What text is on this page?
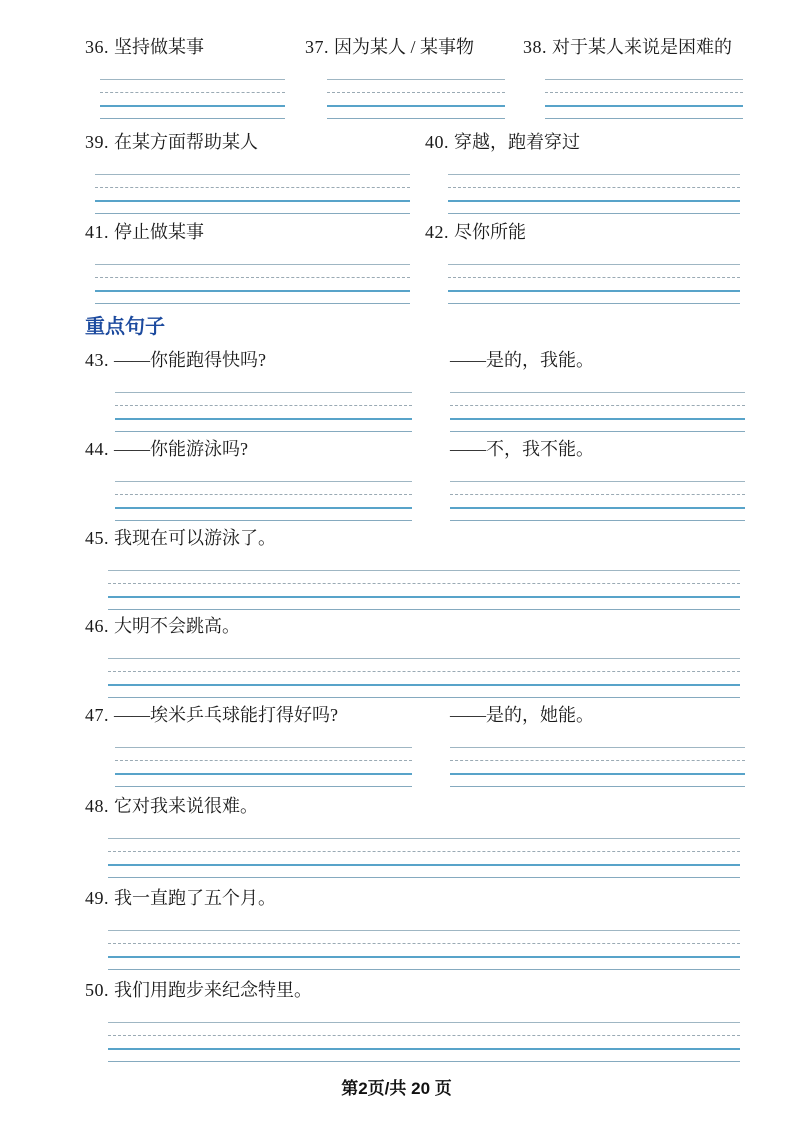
36. 坚持做某事	37. 因为某人 / 某事物	38. 对于某人来说是困难的
39. 在某方面帮助某人	40. 穿越，跑着穿过
41. 停止做某事	42. 尽你所能
重点句子
43. ——你能跑得快吗?	——是的，我能。
44. ——你能游泳吗?	——不，我不能。
45. 我现在可以游泳了。
46. 大明不会跳高。
47. ——埃米乒乓球能打得好吗?	——是的，她能。
48. 它对我来说很难。
49. 我一直跑了五个月。
50. 我们用跑步来纪念特里。
第2页/共 20 页
